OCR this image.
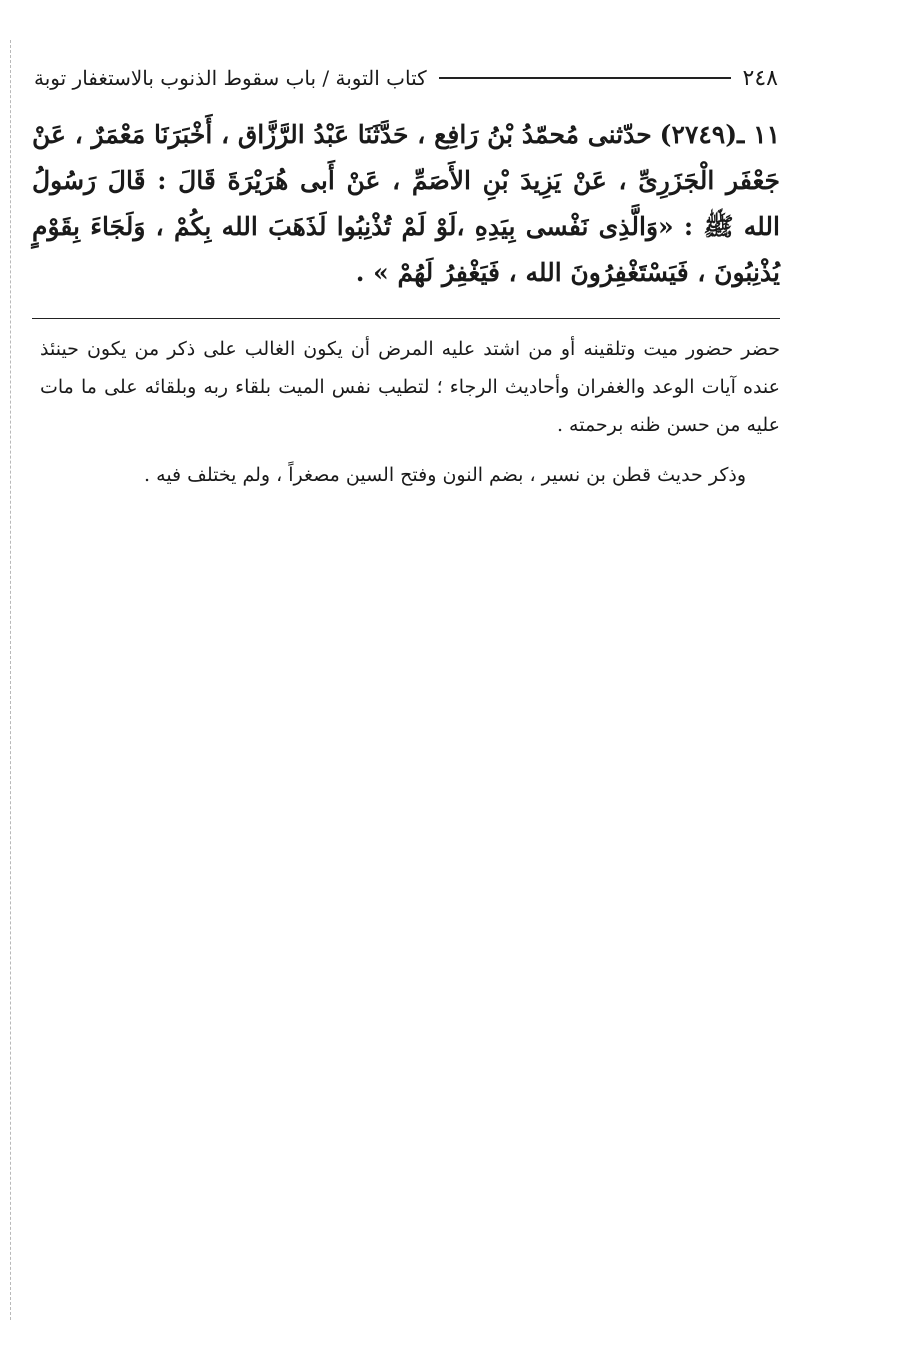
٢٤٨
كتاب التوبة / باب سقوط الذنوب بالاستغفار توبة
١١ ـ(٢٧٤٩)حدّثنى مُحمّدُ بْنُ رَافِع ، حَدَّثَنَا عَبْدُ الرَّزَّاق ، أَخْبَرَنَا مَعْمَرٌ ، عَنْ جَعْفَر الْجَزَرِىِّ ، عَنْ يَزِيدَ بْنِ الأَصَمِّ ، عَنْ أَبى هُرَيْرَةَ قَالَ : قَالَ رَسُولُ الله ﷺ : «وَالَّذِى نَفْسى بِيَدِهِ ،لَوْ لَمْ تُذْنِبُوا لَذَهَبَ الله بِكُمْ ، وَلَجَاءَ بِقَوْمٍ يُذْنِبُونَ ، فَيَسْتَغْفِرُونَ الله ، فَيَغْفِرُ لَهُمْ » .

حضر حضور ميت وتلقينه أو من اشتد عليه المرض أن يكون الغالب على ذكر من يكون حينئذ عنده آيات الوعد والغفران وأحاديث الرجاء ؛ لتطيب نفس الميت بلقاء ربه وبلقائه على ما مات عليه من حسن ظنه برحمته .

وذكر حديث قطن بن نسير ، بضم النون وفتح السين مصغراً ، ولم يختلف فيه .
